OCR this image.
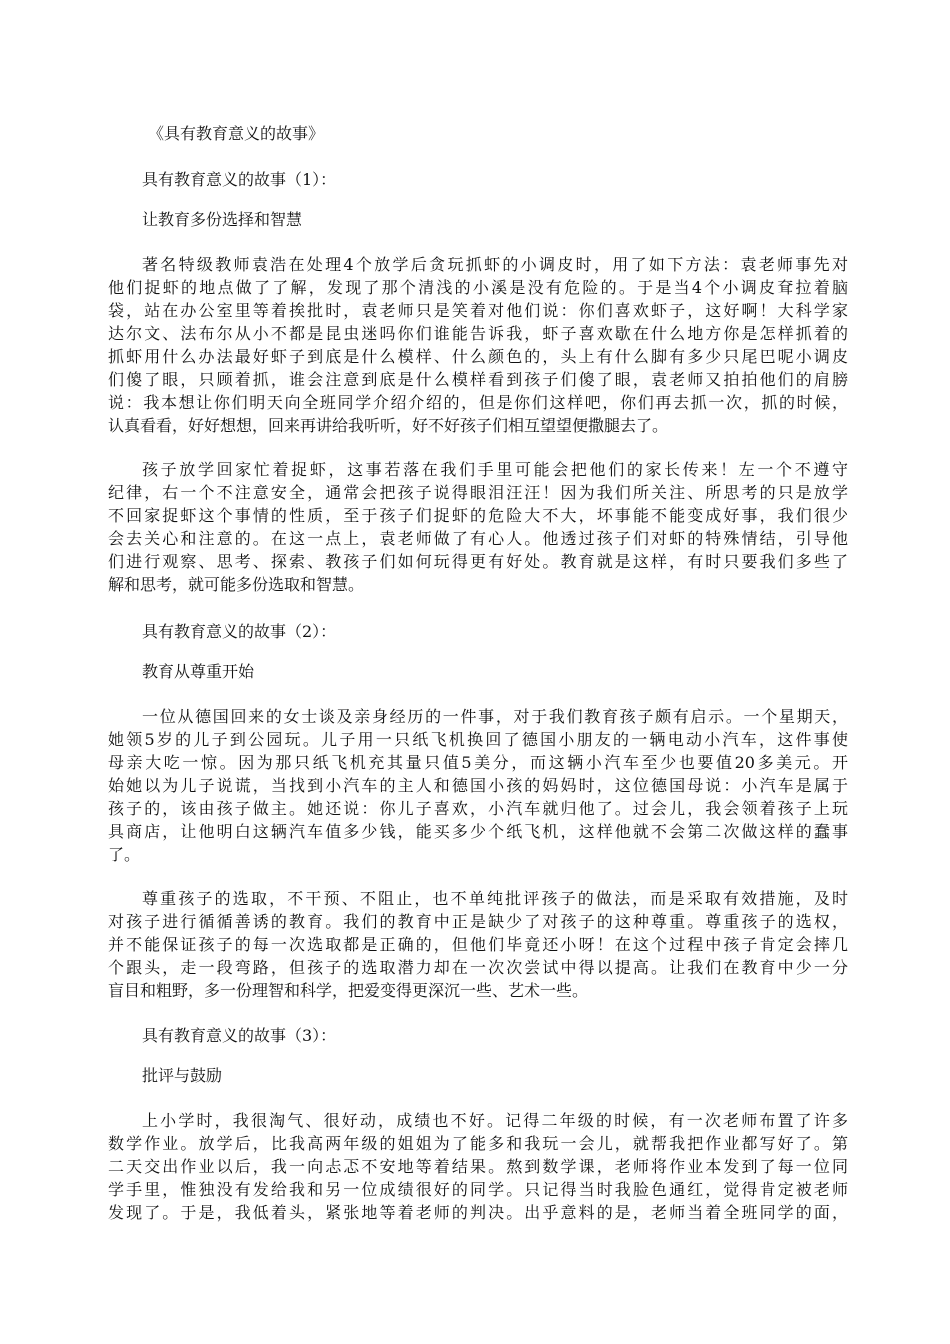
《具有教育意义的故事》
具有教育意义的故事（1）：
让教育多份选择和智慧
著名特级教师袁浩在处理4个放学后贪玩抓虾的小调皮时，用了如下方法：袁老师事先对
他们捉虾的地点做了了解，发现了那个清浅的小溪是没有危险的。于是当4个小调皮耷拉着脑
袋，站在办公室里等着挨批时，袁老师只是笑着对他们说：你们喜欢虾子，这好啊！大科学家
达尔文、法布尔从小不都是昆虫迷吗你们谁能告诉我，虾子喜欢歇在什么地方你是怎样抓着的
抓虾用什么办法最好虾子到底是什么模样、什么颜色的，头上有什么脚有多少只尾巴呢小调皮
们傻了眼，只顾着抓，谁会注意到底是什么模样看到孩子们傻了眼，袁老师又拍拍他们的肩膀
说：我本想让你们明天向全班同学介绍介绍的，但是你们这样吧，你们再去抓一次，抓的时候，
认真看看，好好想想，回来再讲给我听听，好不好孩子们相互望望便撒腿去了。
孩子放学回家忙着捉虾，这事若落在我们手里可能会把他们的家长传来！左一个不遵守
纪律，右一个不注意安全，通常会把孩子说得眼泪汪汪！因为我们所关注、所思考的只是放学
不回家捉虾这个事情的性质，至于孩子们捉虾的危险大不大，坏事能不能变成好事，我们很少
会去关心和注意的。在这一点上，袁老师做了有心人。他透过孩子们对虾的特殊情结，引导他
们进行观察、思考、探索、教孩子们如何玩得更有好处。教育就是这样，有时只要我们多些了
解和思考，就可能多份选取和智慧。
具有教育意义的故事（2）：
教育从尊重开始
一位从德国回来的女士谈及亲身经历的一件事，对于我们教育孩子颇有启示。一个星期天，
她领5岁的儿子到公园玩。儿子用一只纸飞机换回了德国小朋友的一辆电动小汽车，这件事使
母亲大吃一惊。因为那只纸飞机充其量只值5美分，而这辆小汽车至少也要值20多美元。开
始她以为儿子说谎，当找到小汽车的主人和德国小孩的妈妈时，这位德国母说：小汽车是属于
孩子的，该由孩子做主。她还说：你儿子喜欢，小汽车就归他了。过会儿，我会领着孩子上玩
具商店，让他明白这辆汽车值多少钱，能买多少个纸飞机，这样他就不会第二次做这样的蠢事
了。
尊重孩子的选取，不干预、不阻止，也不单纯批评孩子的做法，而是采取有效措施，及时
对孩子进行循循善诱的教育。我们的教育中正是缺少了对孩子的这种尊重。尊重孩子的选权，
并不能保证孩子的每一次选取都是正确的，但他们毕竟还小呀！在这个过程中孩子肯定会摔几
个跟头，走一段弯路，但孩子的选取潜力却在一次次尝试中得以提高。让我们在教育中少一分
盲目和粗野，多一份理智和科学，把爱变得更深沉一些、艺术一些。
具有教育意义的故事（3）：
批评与鼓励
上小学时，我很淘气、很好动，成绩也不好。记得二年级的时候，有一次老师布置了许多
数学作业。放学后，比我高两年级的姐姐为了能多和我玩一会儿，就帮我把作业都写好了。第
二天交出作业以后，我一向忐忑不安地等着结果。熬到数学课，老师将作业本发到了每一位同
学手里，惟独没有发给我和另一位成绩很好的同学。只记得当时我脸色通红，觉得肯定被老师
发现了。于是，我低着头，紧张地等着老师的判决。出乎意料的是，老师当着全班同学的面，
